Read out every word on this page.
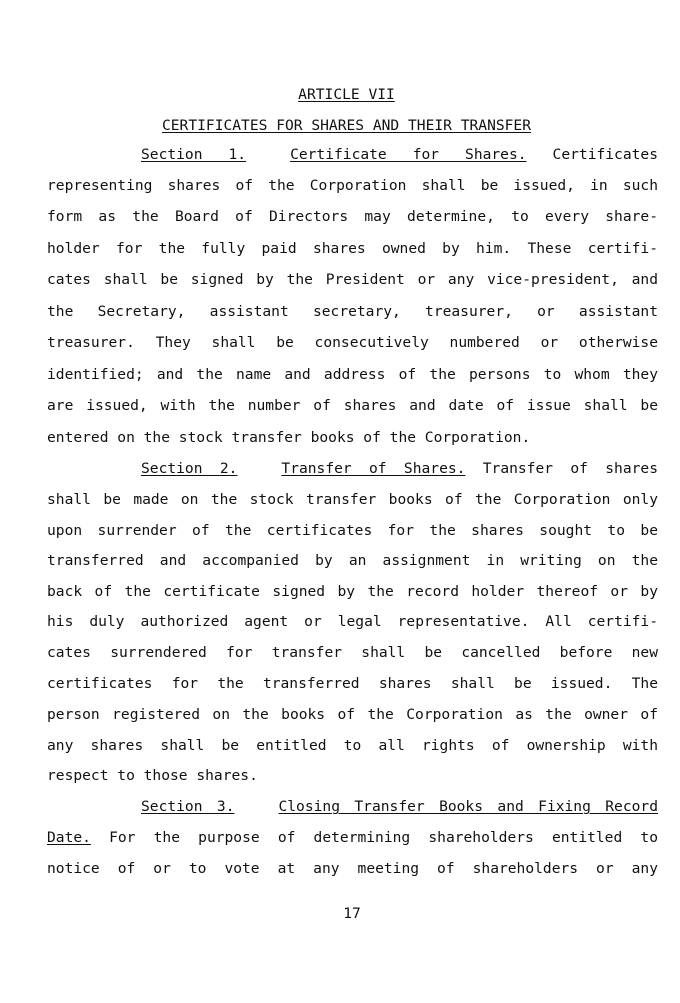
ARTICLE VII
CERTIFICATES FOR SHARES AND THEIR TRANSFER
Section 1.	Certificate for Shares. Certificates
representing shares of the Corporation shall be issued, in such
form as the Board of Directors may determine, to every share-
holder for the fully paid shares owned by him. These certifi-
cates shall be signed by the President or any vice-president, and
the Secretary, assistant secretary, treasurer, or assistant
treasurer. They shall be consecutively numbered or otherwise
identified; and the name and address of the persons to whom they
are issued, with the number of shares and date of issue shall be
entered on the stock transfer books of the Corporation.
Section 2.	Transfer of Shares. Transfer of shares
shall be made on the stock transfer books of the Corporation only
upon surrender of the certificates for the shares sought to be
transferred and accompanied by an assignment in writing on the
back of the certificate signed by the record holder thereof or by
his duly authorized agent or legal representative. All certifi-
cates surrendered for transfer shall be cancelled before new
certificates for the transferred shares shall be issued. The
person registered on the books of the Corporation as the owner of
any shares shall be entitled to all rights of ownership with
respect to those shares.
Section 3.	Closing Transfer Books and Fixing Record
Date. For the purpose of determining shareholders entitled to
notice of or to vote at any meeting of shareholders or any
17
